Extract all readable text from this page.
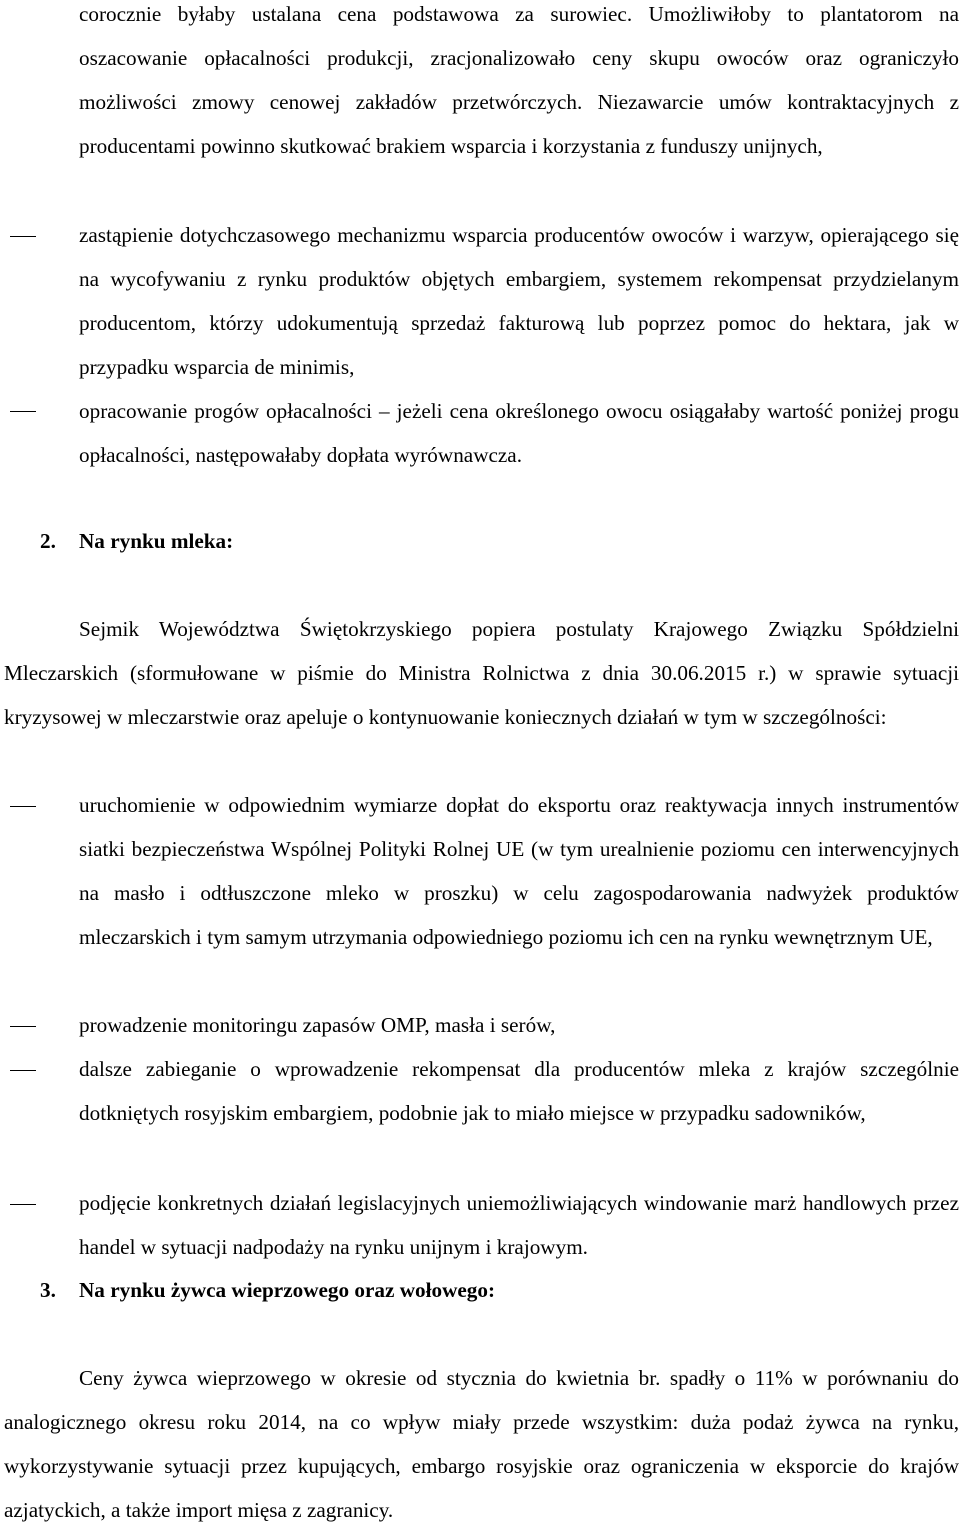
corocznie byłaby ustalana cena podstawowa za surowiec. Umożliwiłoby to plantatorom na oszacowanie opłacalności produkcji, zracjonalizowało ceny skupu owoców oraz ograniczyło możliwości zmowy cenowej zakładów przetwórczych. Niezawarcie umów kontraktacyjnych z producentami powinno skutkować brakiem wsparcia i korzystania z funduszy unijnych,

zastąpienie dotychczasowego mechanizmu wsparcia producentów owoców i warzyw, opierającego się na wycofywaniu z rynku produktów objętych embargiem, systemem rekompensat przydzielanym producentom, którzy udokumentują sprzedaż fakturową lub poprzez pomoc do hektara, jak w przypadku wsparcia de minimis,

opracowanie progów opłacalności – jeżeli cena określonego owocu osiągałaby wartość poniżej progu opłacalności, następowałaby dopłata wyrównawcza.

2. Na rynku mleka:

Sejmik Województwa Świętokrzyskiego popiera postulaty Krajowego Związku Spółdzielni Mleczarskich (sformułowane w piśmie do Ministra Rolnictwa z dnia 30.06.2015 r.) w sprawie sytuacji kryzysowej w mleczarstwie oraz apeluje o kontynuowanie koniecznych działań w tym w szczególności:

uruchomienie w odpowiednim wymiarze dopłat do eksportu oraz reaktywacja innych instrumentów siatki bezpieczeństwa Wspólnej Polityki Rolnej UE (w tym urealnienie poziomu cen interwencyjnych na masło i odtłuszczone mleko w proszku) w celu zagospodarowania nadwyżek produktów mleczarskich i tym samym utrzymania odpowiedniego poziomu ich cen na rynku wewnętrznym UE,

prowadzenie monitoringu zapasów OMP, masła i serów,

dalsze zabieganie o wprowadzenie rekompensat dla producentów mleka z krajów szczególnie dotkniętych rosyjskim embargiem, podobnie jak to miało miejsce w przypadku sadowników,

podjęcie konkretnych działań legislacyjnych uniemożliwiających windowanie marż handlowych przez handel w sytuacji nadpodaży na rynku unijnym i krajowym.

3. Na rynku żywca wieprzowego oraz wołowego:

Ceny żywca wieprzowego w okresie od stycznia do kwietnia br. spadły o 11% w porównaniu do analogicznego okresu roku 2014, na co wpływ miały przede wszystkim: duża podaż żywca na rynku, wykorzystywanie sytuacji przez kupujących, embargo rosyjskie oraz ograniczenia w eksporcie do krajów azjatyckich, a także import mięsa z zagranicy.
